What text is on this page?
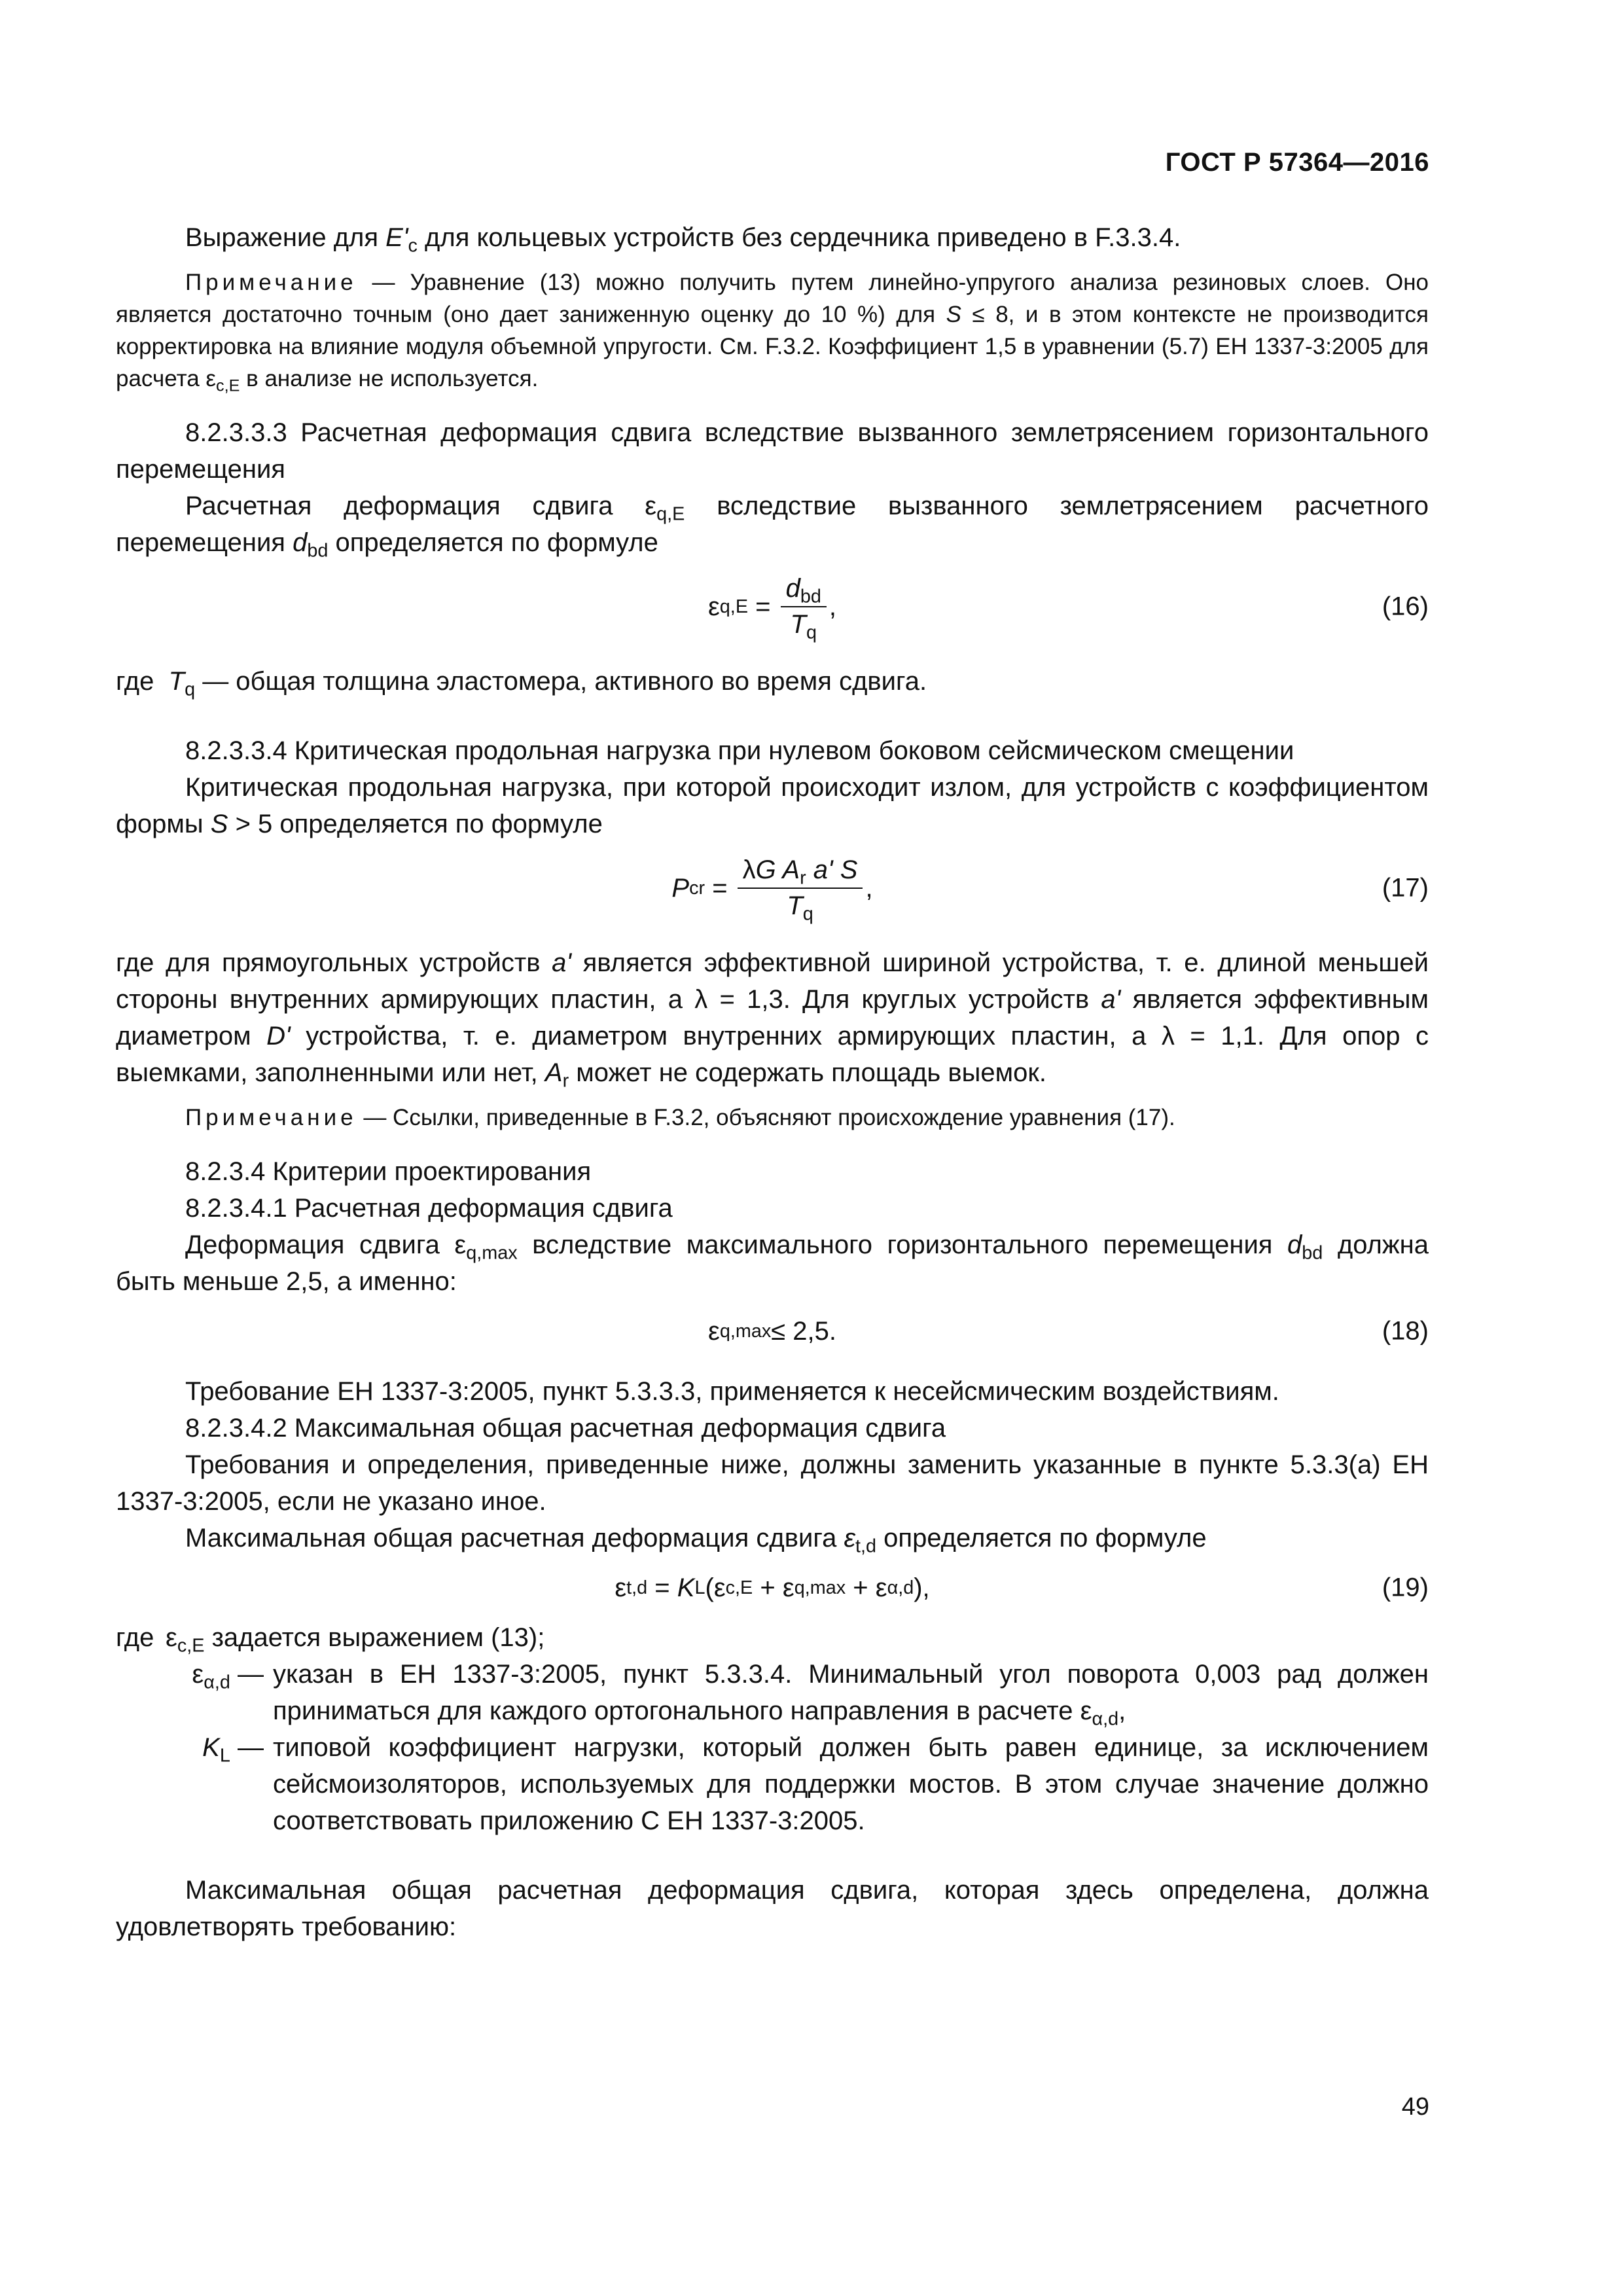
ГОСТ Р 57364—2016

Выражение для $E'_c$ для кольцевых устройств без сердечника приведено в F.3.3.4.

Примечание — Уравнение (13) можно получить путем линейно-упругого анализа резиновых слоев. Оно является достаточно точным (оно дает заниженную оценку до 10 %) для S ≤ 8, и в этом контексте не производится корректировка на влияние модуля объемной упругости. См. F.3.2. Коэффициент 1,5 в уравнении (5.7) ЕН 1337-3:2005 для расчета $\varepsilon_{c,E}$ в анализе не используется.

8.2.3.3.3 Расчетная деформация сдвига вследствие вызванного землетрясением горизонтального перемещения

Расчетная деформация сдвига $\varepsilon_{q,E}$ вследствие вызванного землетрясением расчетного перемещения $d_{bd}$ определяется по формуле

ε $q,E = \frac{d_{bd}}{T_q}$ ,	(16)

где $T_q$ — общая толщина эластомера, активного во время сдвига.

8.2.3.3.4 Критическая продольная нагрузка при нулевом боковом сейсмическом смещении

Критическая продольная нагрузка, при которой происходит излом, для устройств с коэффициентом формы S > 5 определяется по формуле

P cr = $\frac{\lambda G A_r a' S}{T_q}$ ,	(17)

где для прямоугольных устройств a' является эффективной шириной устройства, т. е. длиной меньшей стороны внутренних армирующих пластин, а λ = 1,3. Для круглых устройств a' является эффективным диаметром D' устройства, т. е. диаметром внутренних армирующих пластин, а λ = 1,1. Для опор с выемками, заполненными или нет, $A_r$ может не содержать площадь выемок.

Примечание — Ссылки, приведенные в F.3.2, объясняют происхождение уравнения (17).

8.2.3.4 Критерии проектирования

8.2.3.4.1 Расчетная деформация сдвига

Деформация сдвига $\varepsilon_{q,max}$ вследствие максимального горизонтального перемещения $d_{bd}$ должна быть меньше 2,5, а именно:

ε q,max ≤ 2,5.	(18)

Требование ЕН 1337-3:2005, пункт 5.3.3.3, применяется к несейсмическим воздействиям.

8.2.3.4.2 Максимальная общая расчетная деформация сдвига

Требования и определения, приведенные ниже, должны заменить указанные в пункте 5.3.3(a) ЕН 1337-3:2005, если не указано иное.

Максимальная общая расчетная деформация сдвига $\varepsilon_{t,d}$ определяется по формуле

ε t,d = K L ( ε c,E + ε q,max + ε α,d ),	(19)
где $\varepsilon_{c,E}$ задается выражением (13);
$\varepsilon_{\alpha,d}$ — указан в ЕН 1337-3:2005, пункт 5.3.3.4. Минимальный угол поворота 0,003 рад должен приниматься для каждого ортогонального направления в расчете $\varepsilon_{\alpha,d}$,
$K_L$ — типовой коэффициент нагрузки, который должен быть равен единице, за исключением сейсмоизоляторов, используемых для поддержки мостов. В этом случае значение должно соответствовать приложению С ЕН 1337-3:2005.

Максимальная общая расчетная деформация сдвига, которая здесь определена, должна удовлетворять требованию:

49
